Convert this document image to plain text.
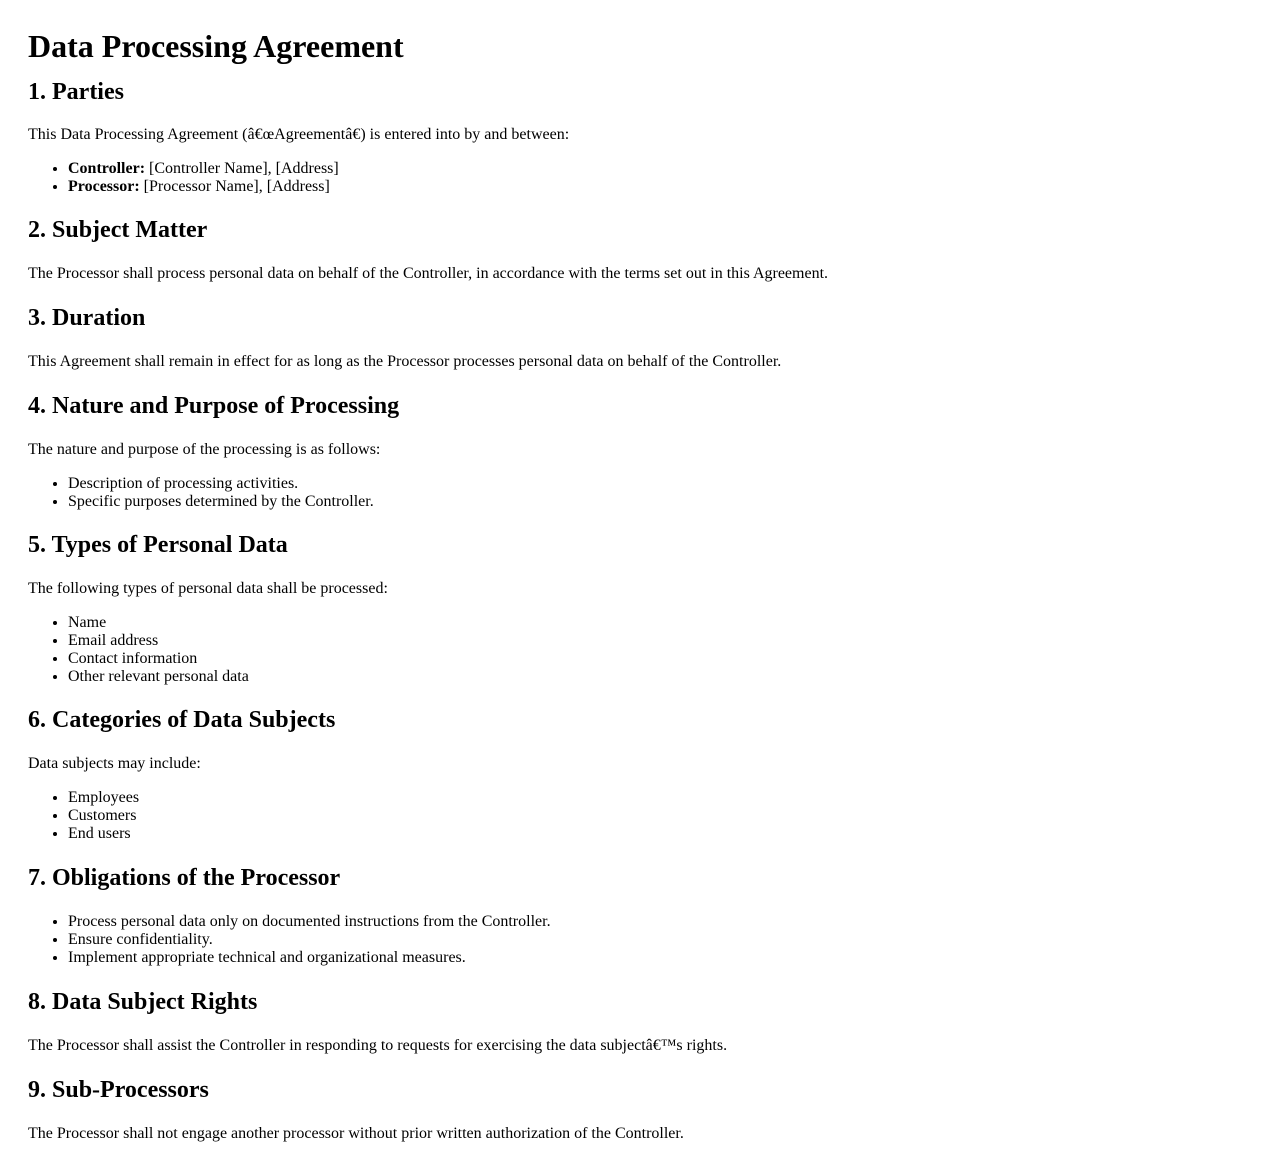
Data Processing Agreement
1. Parties

This Data Processing Agreement (â€œAgreementâ€) is entered into by and between:

• Controller: [Controller Name], [Address]
• Processor: [Processor Name], [Address]
2. Subject Matter

The Processor shall process personal data on behalf of the Controller, in accordance with the terms set out in this Agreement.

3. Duration

This Agreement shall remain in effect for as long as the Processor processes personal data on behalf of the Controller.

4. Nature and Purpose of Processing

The nature and purpose of the processing is as follows:

• Description of processing activities.
• Specific purposes determined by the Controller.
5. Types of Personal Data

The following types of personal data shall be processed:

• Name
• Email address
• Contact information
• Other relevant personal data
6. Categories of Data Subjects

Data subjects may include:

• Employees
• Customers
• End users
7. Obligations of the Processor
• Process personal data only on documented instructions from the Controller.
• Ensure confidentiality.
• Implement appropriate technical and organizational measures.
8. Data Subject Rights

The Processor shall assist the Controller in responding to requests for exercising the data subjectâ€™s rights.

9. Sub-Processors

The Processor shall not engage another processor without prior written authorization of the Controller.
